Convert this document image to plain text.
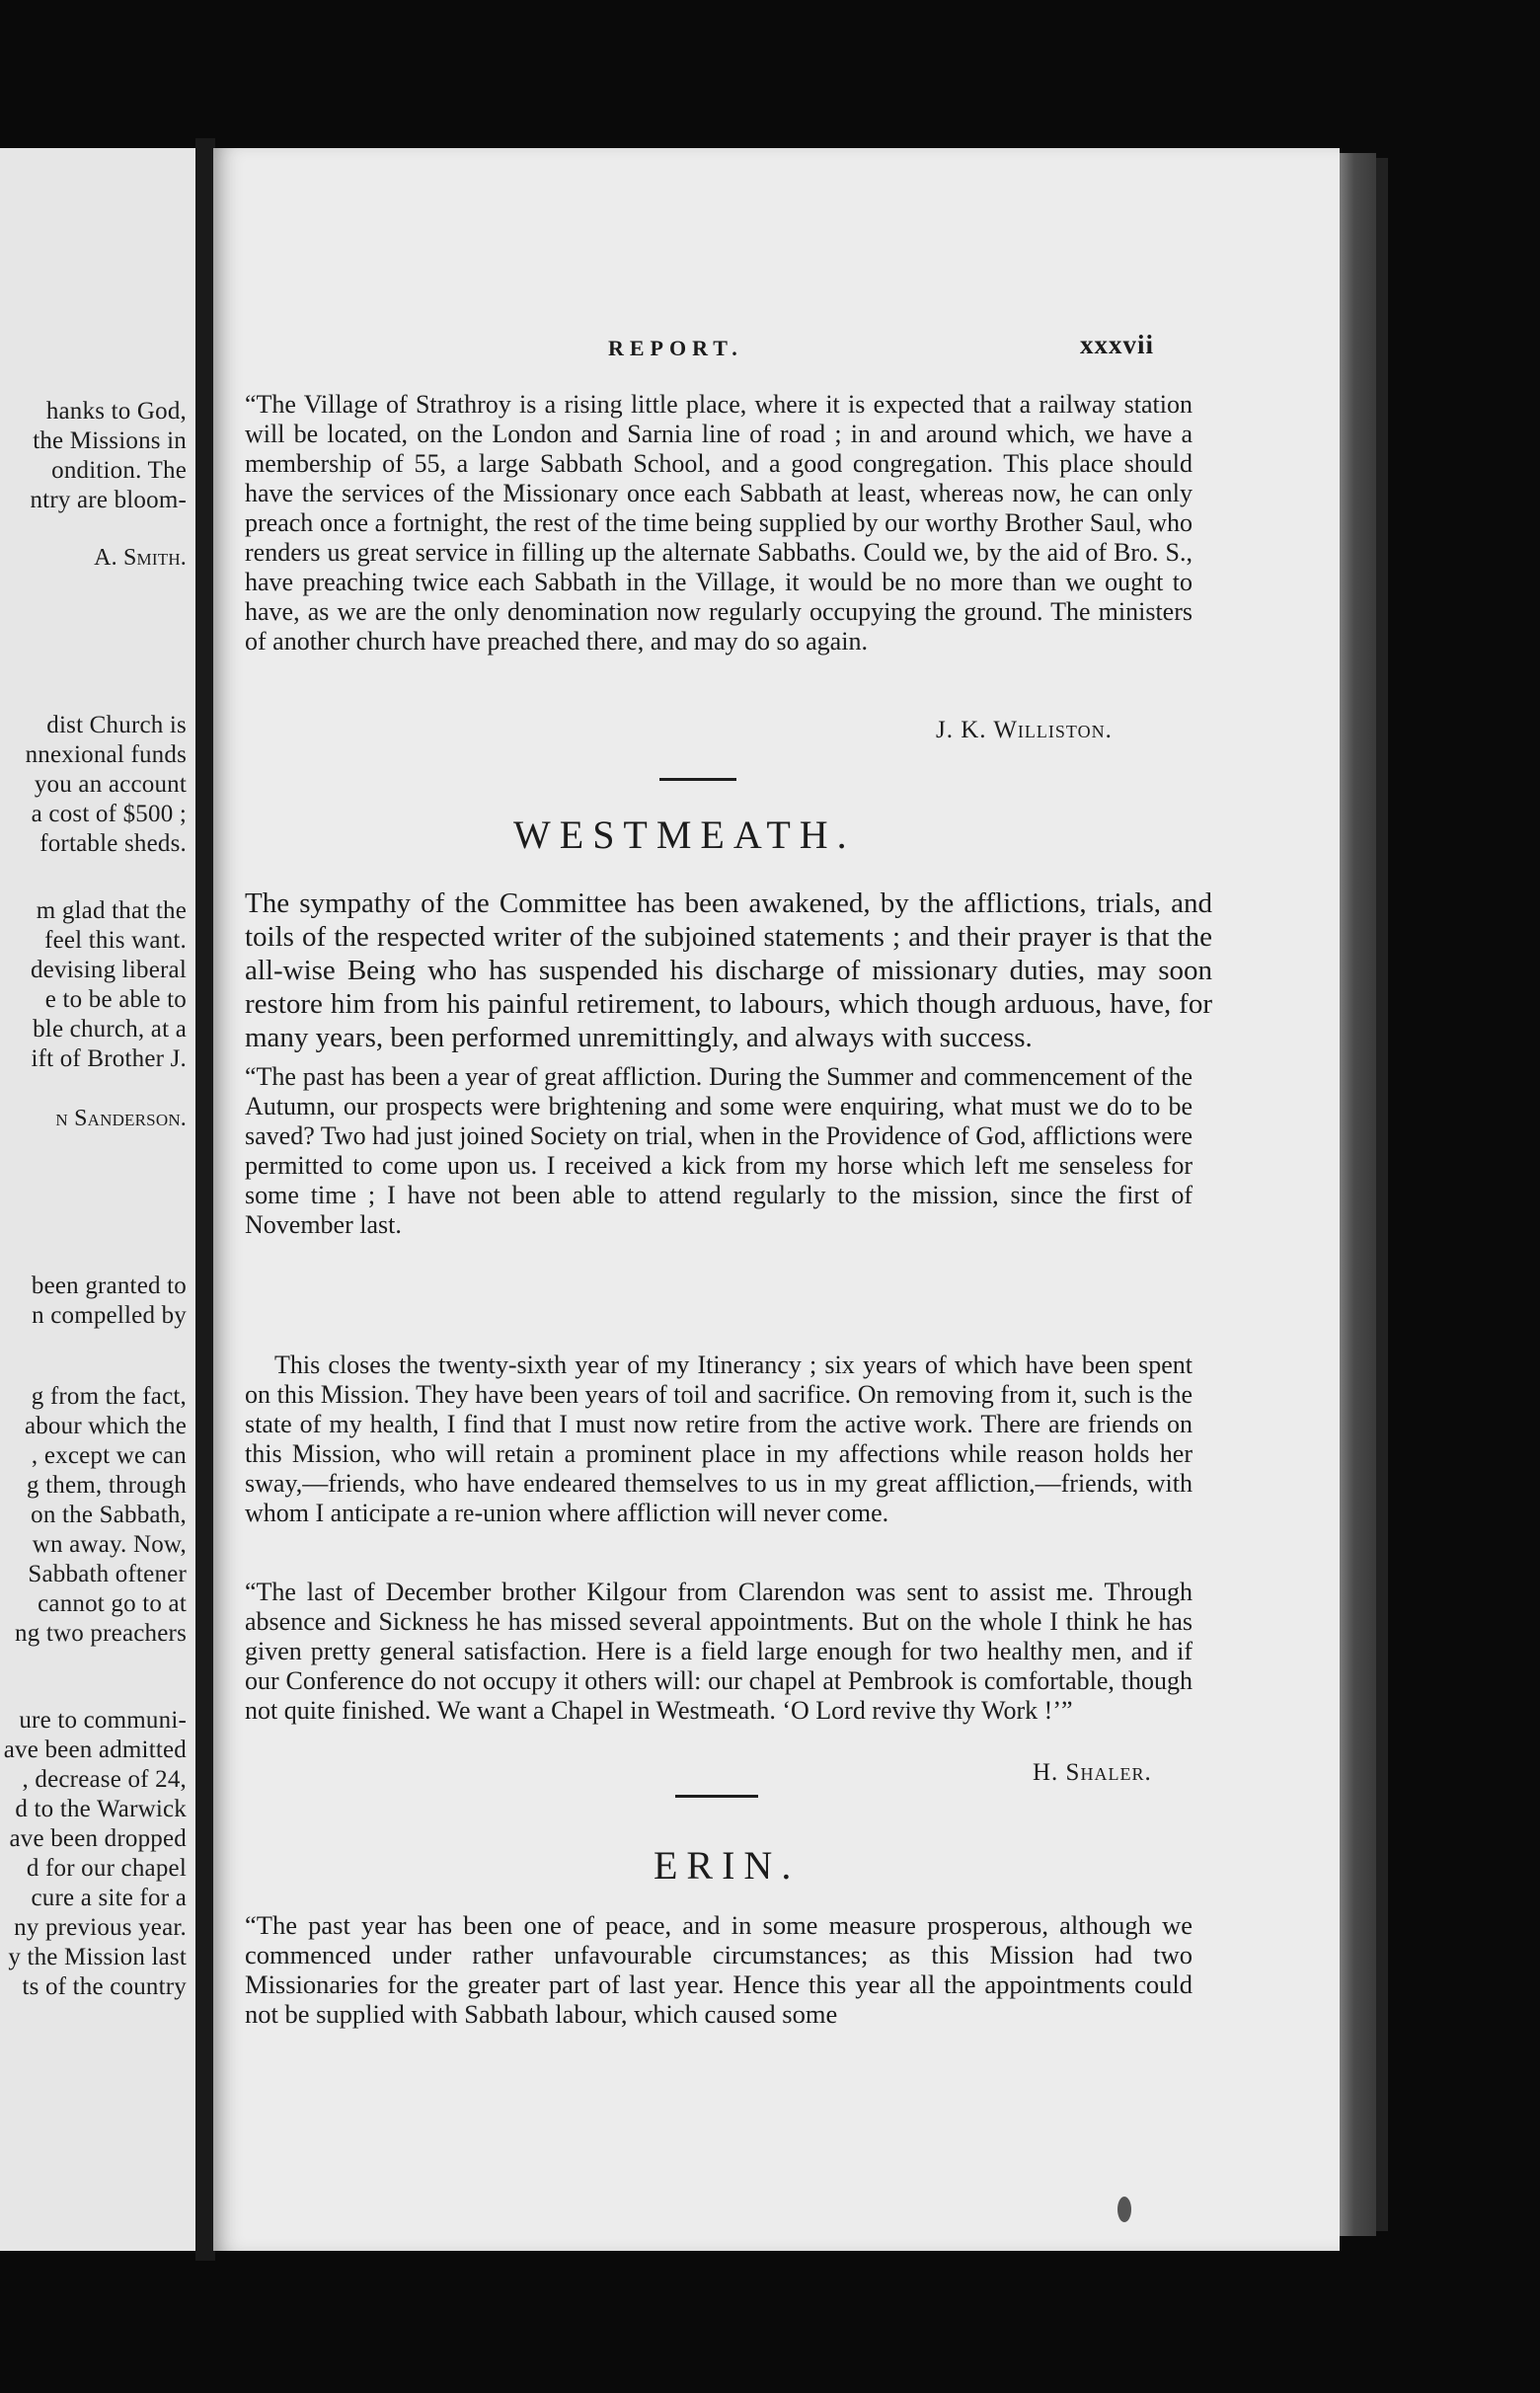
hanks to God,
the Missions in
ondition. The
ntry are bloom-
A. Smith.
dist Church is
nnexional funds
you an account
a cost of $500 ;
fortable sheds.
m glad that the
feel this want.
devising liberal
e to be able to
ble church, at a
ift of Brother J.
n Sanderson.
been granted to
n compelled by
g from the fact,
abour which the
, except we can
g them, through
on the Sabbath,
wn away. Now,
Sabbath oftener
cannot go to at
ng two preachers
ure to communi-
ave been admitted
, decrease of 24,
d to the Warwick
ave been dropped
d for our chapel
cure a site for a
ny previous year.
y the Mission last
ts of the country
REPORT.	xxxvii

“The Village of Strathroy is a rising little place, where it is expected that a railway station will be located, on the London and Sarnia line of road ; in and around which, we have a membership of 55, a large Sabbath School, and a good congregation. This place should have the services of the Missionary once each Sabbath at least, whereas now, he can only preach once a fortnight, the rest of the time being supplied by our worthy Brother Saul, who renders us great service in filling up the alternate Sabbaths. Could we, by the aid of Bro. S., have preaching twice each Sabbath in the Village, it would be no more than we ought to have, as we are the only denomination now regularly occupying the ground. The ministers of another church have preached there, and may do so again.

J. K. Williston.
WESTMEATH.

The sympathy of the Committee has been awakened, by the afflictions, trials, and toils of the respected writer of the subjoined statements ; and their prayer is that the all-wise Being who has suspended his discharge of missionary duties, may soon restore him from his painful retirement, to labours, which though arduous, have, for many years, been performed unremittingly, and always with success.

“The past has been a year of great affliction. During the Summer and commencement of the Autumn, our prospects were brightening and some were enquiring, what must we do to be saved? Two had just joined Society on trial, when in the Providence of God, afflictions were permitted to come upon us. I received a kick from my horse which left me senseless for some time ; I have not been able to attend regularly to the mission, since the first of November last.

This closes the twenty-sixth year of my Itinerancy ; six years of which have been spent on this Mission. They have been years of toil and sacrifice. On removing from it, such is the state of my health, I find that I must now retire from the active work. There are friends on this Mission, who will retain a prominent place in my affections while reason holds her sway,—friends, who have endeared themselves to us in my great affliction,—friends, with whom I anticipate a re-union where affliction will never come.

“The last of December brother Kilgour from Clarendon was sent to assist me. Through absence and Sickness he has missed several appointments. But on the whole I think he has given pretty general satisfaction. Here is a field large enough for two healthy men, and if our Conference do not occupy it others will: our chapel at Pembrook is comfortable, though not quite finished. We want a Chapel in Westmeath. ‘O Lord revive thy Work !’”

H. Shaler.
ERIN.

“The past year has been one of peace, and in some measure prosperous, although we commenced under rather unfavourable circumstances; as this Mission had two Missionaries for the greater part of last year. Hence this year all the appointments could not be supplied with Sabbath labour, which caused some
